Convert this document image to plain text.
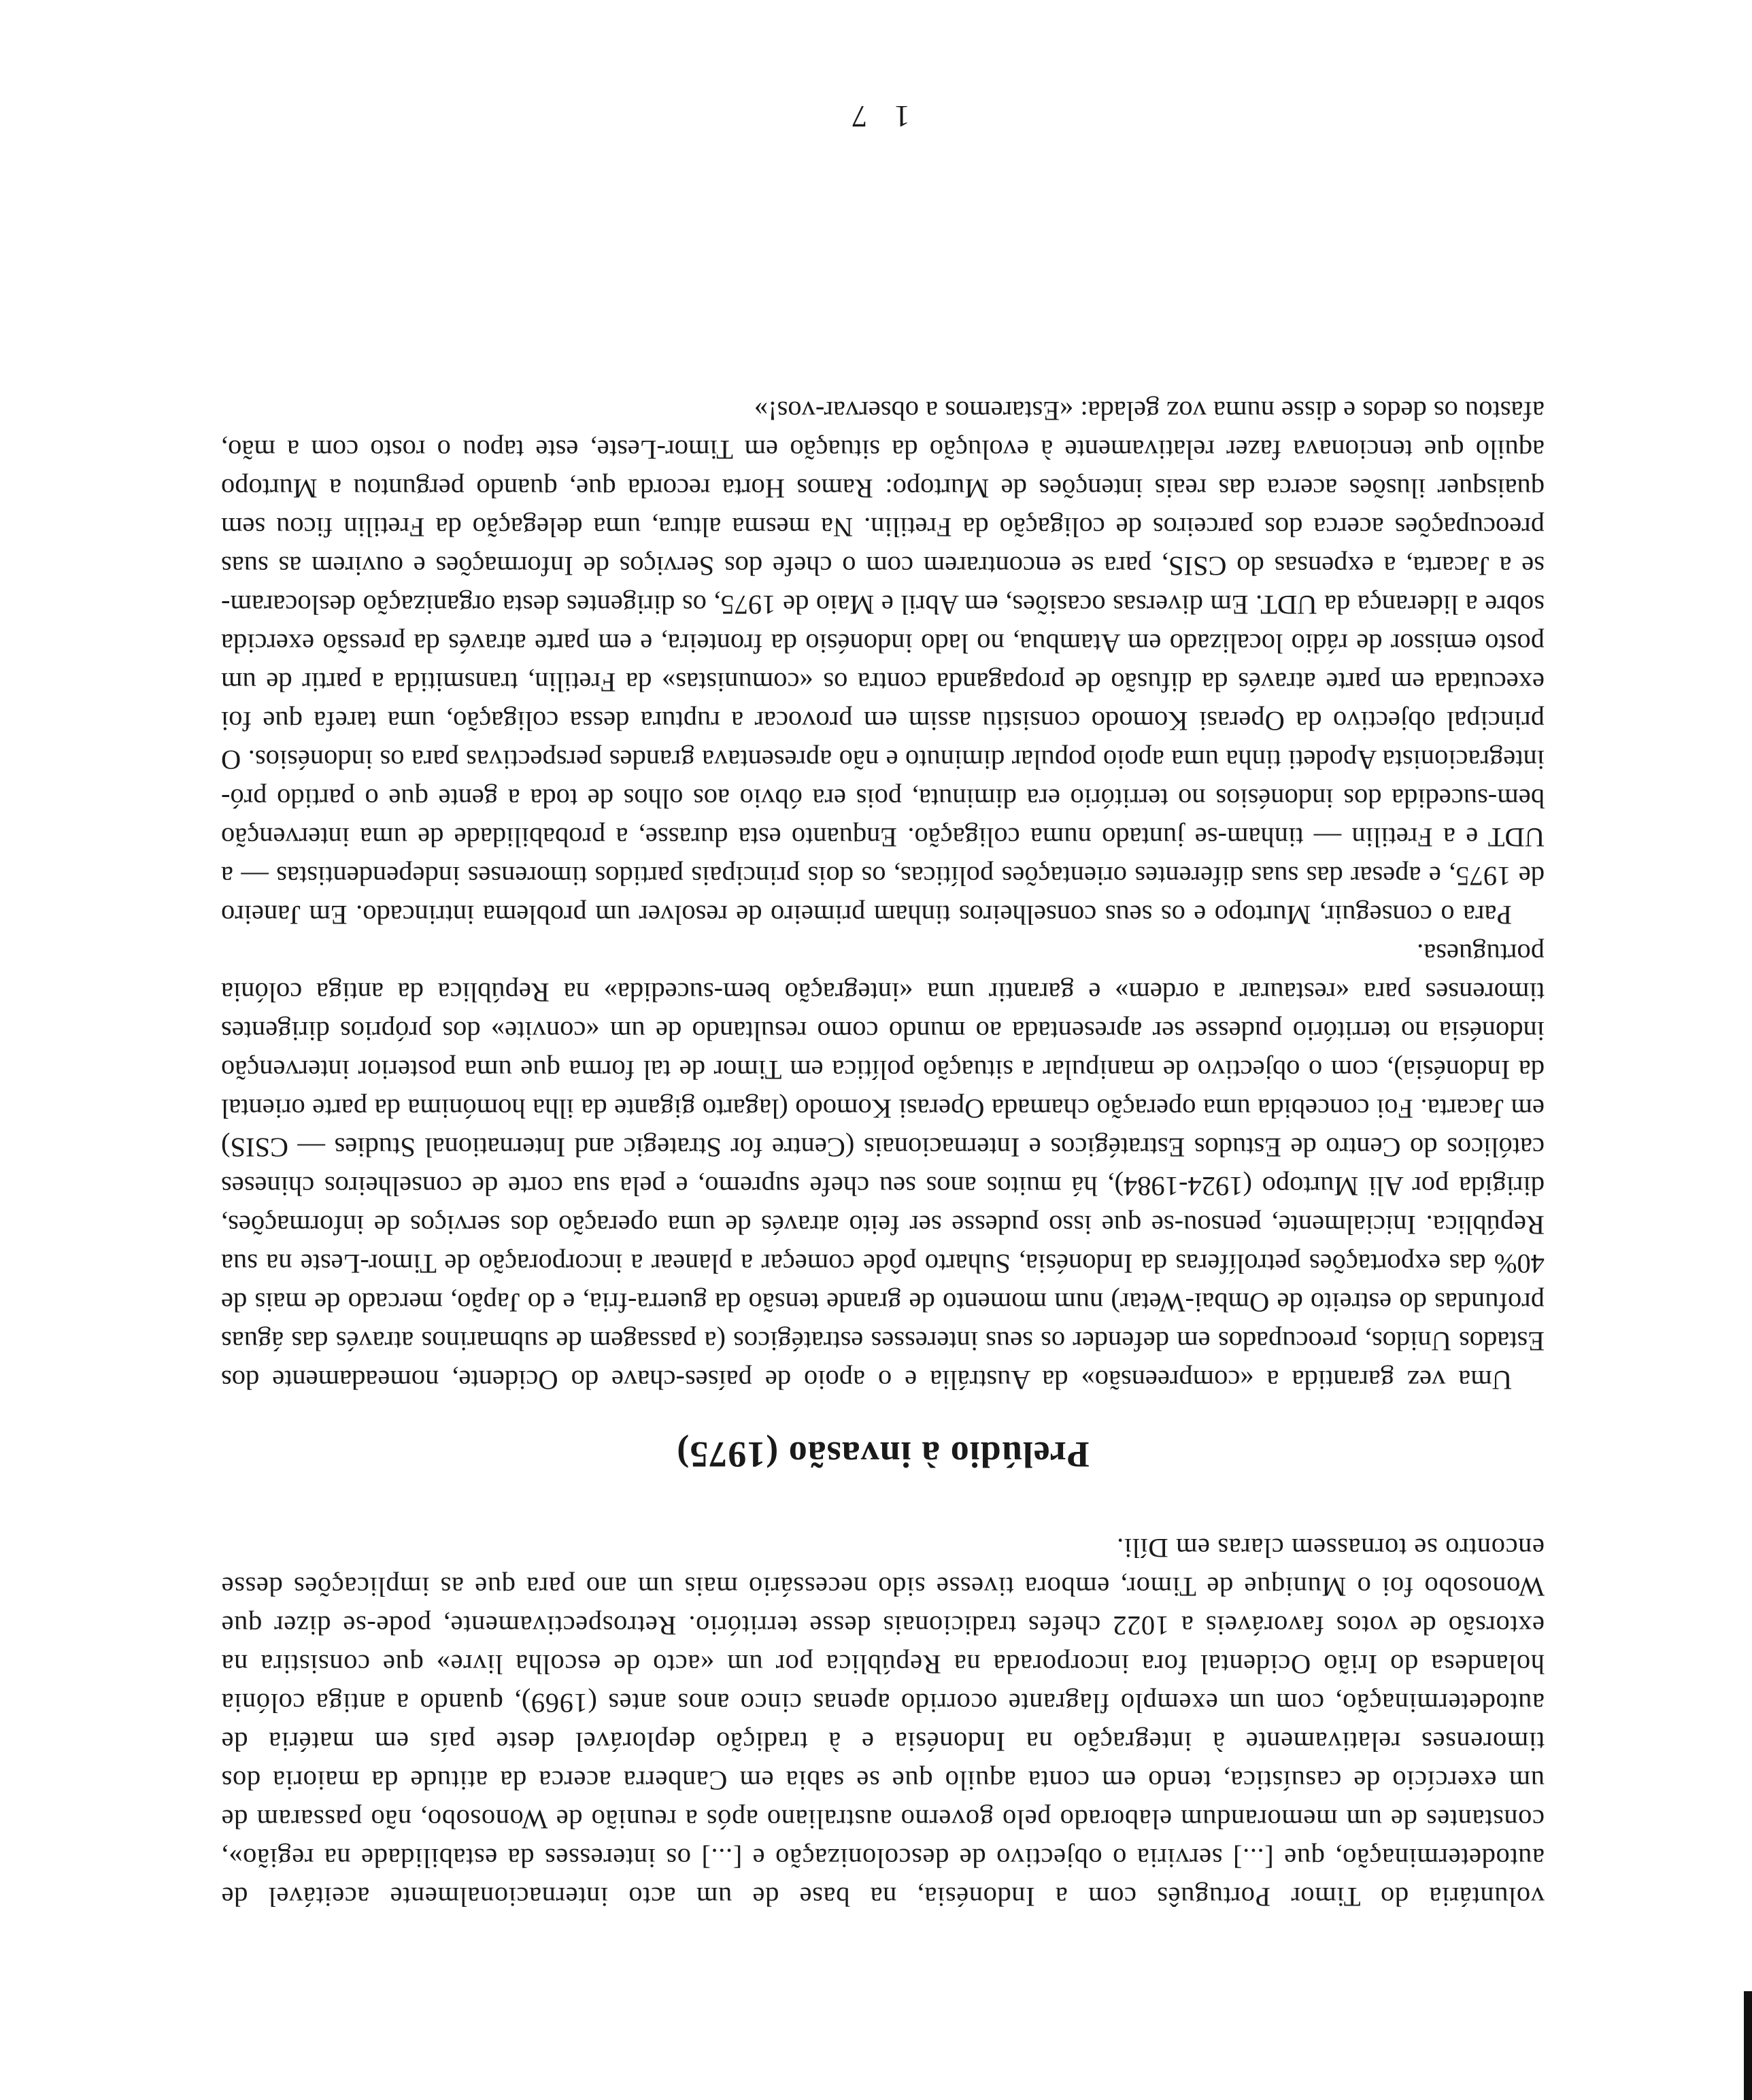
voluntária do Timor Português com a Indonésia, na base de um acto internacionalmente aceitável de autodeterminação, que [...] serviria o objectivo de descolonização e [...] os interesses da estabilidade na região», constantes de um memorandum elaborado pelo governo australiano após a reunião de Wonosobo, não passaram de um exercício de casuística, tendo em conta aquilo que se sabia em Canberra acerca da atitude da maioria dos timorenses relativamente à integração na Indonésia e à tradição deplorável deste país em matéria de autodeterminação, com um exemplo flagrante ocorrido apenas cinco anos antes (1969), quando a antiga colónia holandesa do Irião Ocidental fora incorporada na República por um «acto de escolha livre» que consistira na extorsão de votos favoráveis a 1022 chefes tradicionais desse território. Retrospectivamente, pode-se dizer que Wonosobo foi o Munique de Timor, embora tivesse sido necessário mais um ano para que as implicações desse encontro se tornassem claras em Díli.

Prelúdio à invasão (1975)

Uma vez garantida a «compreensão» da Austrália e o apoio de países-chave do Ocidente, nomeadamente dos Estados Unidos, preocupados em defender os seus interesses estratégicos (a passagem de submarinos através das águas profundas do estreito de Ombai-Wetar) num momento de grande tensão da guerra-fria, e do Japão, mercado de mais de 40% das exportações petrolíferas da Indonésia, Suharto pôde começar a planear a incorporação de Timor-Leste na sua República. Inicialmente, pensou-se que isso pudesse ser feito através de uma operação dos serviços de informações, dirigida por Ali Murtopo (1924-1984), há muitos anos seu chefe supremo, e pela sua corte de conselheiros chineses católicos do Centro de Estudos Estratégicos e Internacionais (Centre for Strategic and International Studies — CSIS) em Jacarta. Foi concebida uma operação chamada Operasi Komodo (lagarto gigante da ilha homónima da parte oriental da Indonésia), com o objectivo de manipular a situação política em Timor de tal forma que uma posterior intervenção indonésia no território pudesse ser apresentada ao mundo como resultando de um «convite» dos próprios dirigentes timorenses para «restaurar a ordem» e garantir uma «integração bem-sucedida» na República da antiga colónia portuguesa.

Para o conseguir, Murtopo e os seus conselheiros tinham primeiro de resolver um problema intrincado. Em Janeiro de 1975, e apesar das suas diferentes orientações políticas, os dois principais partidos timorenses independentistas — a UDT e a Fretilin — tinham-se juntado numa coligação. Enquanto esta durasse, a probabilidade de uma intervenção bem-sucedida dos indonésios no território era diminuta, pois era óbvio aos olhos de toda a gente que o partido pró-integracionista Apodeti tinha uma apoio popular diminuto e não apresentava grandes perspectivas para os indonésios. O principal objectivo da Operasi Komodo consistiu assim em provocar a ruptura dessa coligação, uma tarefa que foi executada em parte através da difusão de propaganda contra os «comunistas» da Fretilin, transmitida a partir de um posto emissor de rádio localizado em Atambua, no lado indonésio da fronteira, e em parte através da pressão exercida sobre a liderança da UDT. Em diversas ocasiões, em Abril e Maio de 1975, os dirigentes desta organização deslocaram-se a Jacarta, a expensas do CSIS, para se encontrarem com o chefe dos Serviços de Informações e ouvirem as suas preocupações acerca dos parceiros de coligação da Fretilin. Na mesma altura, uma delegação da Fretilin ficou sem quaisquer ilusões acerca das reais intenções de Murtopo: Ramos Horta recorda que, quando perguntou a Murtopo aquilo que tencionava fazer relativamente à evolução da situação em Timor-Leste, este tapou o rosto com a mão, afastou os dedos e disse numa voz gelada: «Estaremos a observar-vos!»

1 7
